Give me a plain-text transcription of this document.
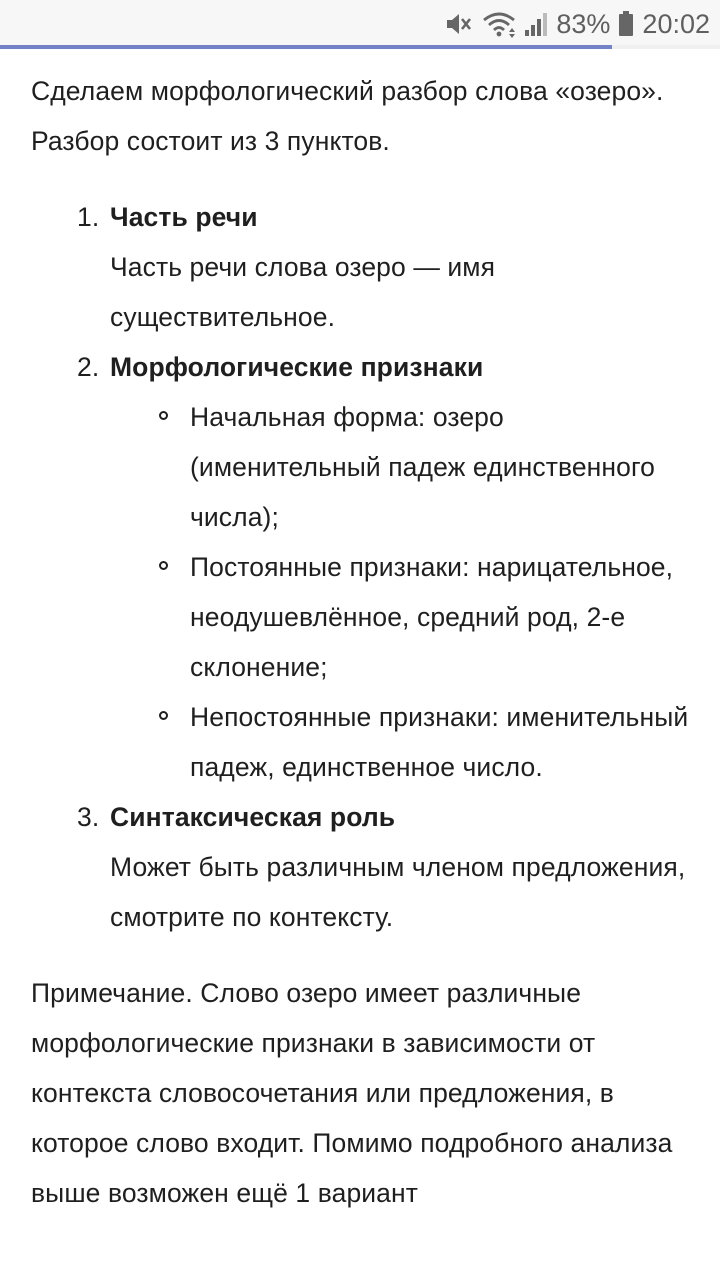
83% 20:02

Сделаем морфологический разбор слова «озеро». Разбор состоит из 3 пунктов.

1. Часть речи
Часть речи слова озеро — имя существительное.
2. Морфологические признаки
Начальная форма: озеро (именительный падеж единственного числа);
Постоянные признаки: нарицательное, неодушевлённое, средний род, 2-е склонение;
Непостоянные признаки: именительный падеж, единственное число.
3. Синтаксическая роль
Может быть различным членом предложения, смотрите по контексту.

Примечание. Слово озеро имеет различные морфологические признаки в зависимости от контекста словосочетания или предложения, в которое слово входит. Помимо подробного анализа выше возможен ещё 1 вариант
